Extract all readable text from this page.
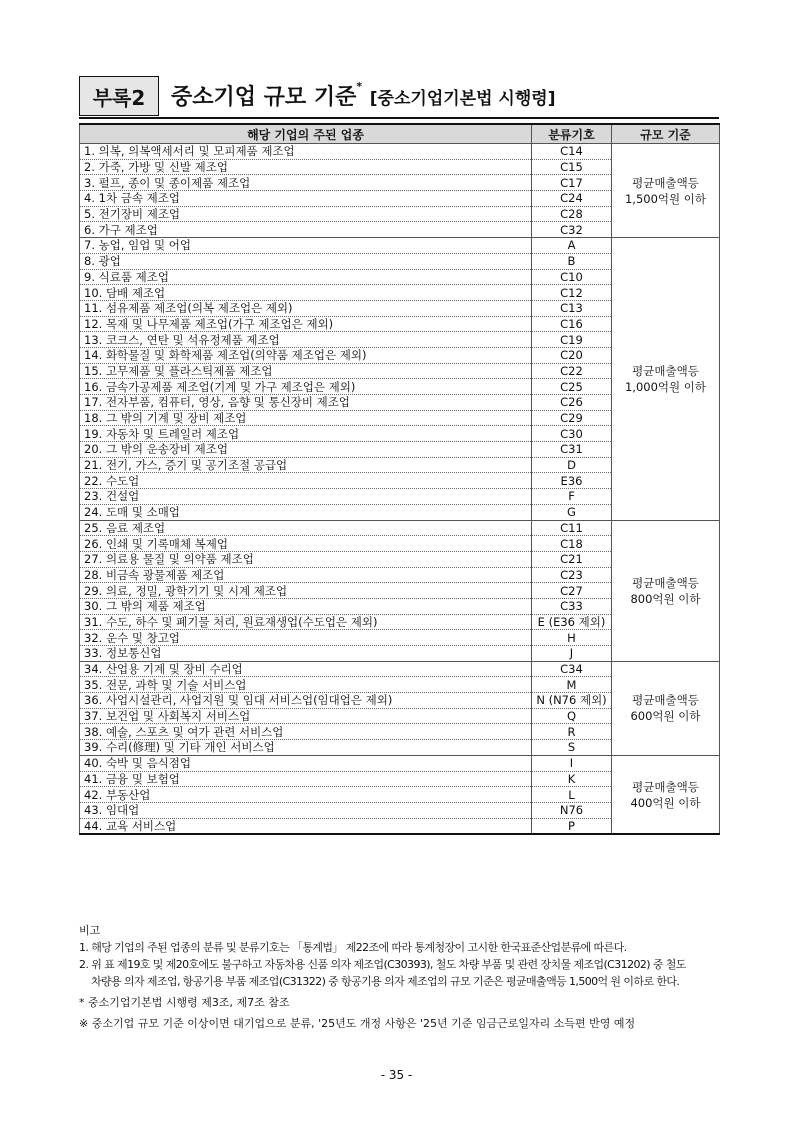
부록2	중소기업 규모 기준* [중소기업기본법 시행령]
해당 기업의 주된 업종	분류기호	규모 기준
1. 의복, 의복액세서리 및 모피제품 제조업	C14	평균매출액등
1,500억원 이하

2. 가죽, 가방 및 신발 제조업	C15	
3. 펄프, 종이 및 종이제품 제조업	C17	
4. 1차 금속 제조업	C24	
5. 전기장비 제조업	C28	
6. 가구 제조업	C32	
7. 농업, 임업 및 어업	A	평균매출액등
1,000억원 이하

8. 광업	B	
9. 식료품 제조업	C10	
10. 담배 제조업	C12	
11. 섬유제품 제조업(의복 제조업은 제외)	C13	
12. 목재 및 나무제품 제조업(가구 제조업은 제외)	C16	
13. 코크스, 연탄 및 석유정제품 제조업	C19	
14. 화학물질 및 화학제품 제조업(의약품 제조업은 제외)	C20	
15. 고무제품 및 플라스틱제품 제조업	C22	
16. 금속가공제품 제조업(기계 및 가구 제조업은 제외)	C25	
17. 전자부품, 컴퓨터, 영상, 음향 및 통신장비 제조업	C26	
18. 그 밖의 기계 및 장비 제조업	C29	
19. 자동차 및 트레일러 제조업	C30	
20. 그 밖의 운송장비 제조업	C31	
21. 전기, 가스, 증기 및 공기조절 공급업	D	
22. 수도업	E36	
23. 건설업	F	
24. 도매 및 소매업	G	
25. 음료 제조업	C11	평균매출액등
800억원 이하

26. 인쇄 및 기록매체 복제업	C18	
27. 의료용 물질 및 의약품 제조업	C21	
28. 비금속 광물제품 제조업	C23	
29. 의료, 정밀, 광학기기 및 시계 제조업	C27	
30. 그 밖의 제품 제조업	C33	
31. 수도, 하수 및 폐기물 처리, 원료재생업(수도업은 제외)	E (E36 제외)	
32. 운수 및 창고업	H	
33. 정보통신업	J	
34. 산업용 기계 및 장비 수리업	C34	평균매출액등
600억원 이하

35. 전문, 과학 및 기술 서비스업	M	
36. 사업시설관리, 사업지원 및 임대 서비스업(임대업은 제외)	N (N76 제외)	
37. 보건업 및 사회복지 서비스업	Q	
38. 예술, 스포츠 및 여가 관련 서비스업	R	
39. 수리(修理) 및 기타 개인 서비스업	S	
40. 숙박 및 음식점업	I	평균매출액등
400억원 이하

41. 금융 및 보험업	K	
42. 부동산업	L	
43. 임대업	N76	
44. 교육 서비스업	P	

비고

1. 해당 기업의 주된 업종의 분류 및 분류기호는 「통계법」 제22조에 따라 통계청장이 고시한 한국표준산업분류에 따른다.

2. 위 표 제19호 및 제20호에도 불구하고 자동차용 신품 의자 제조업(C30393), 철도 차량 부품 및 관련 장치물 제조업(C31202) 중 철도

차량용 의자 제조업, 항공기용 부품 제조업(C31322) 중 항공기용 의자 제조업의 규모 기준은 평균매출액등 1,500억 원 이하로 한다.

* 중소기업기본법 시행령 제3조, 제7조 참조

※ 중소기업 규모 기준 이상이면 대기업으로 분류, '25년도 개정 사항은 '25년 기준 임금근로일자리 소득편 반영 예정

- 35 -
